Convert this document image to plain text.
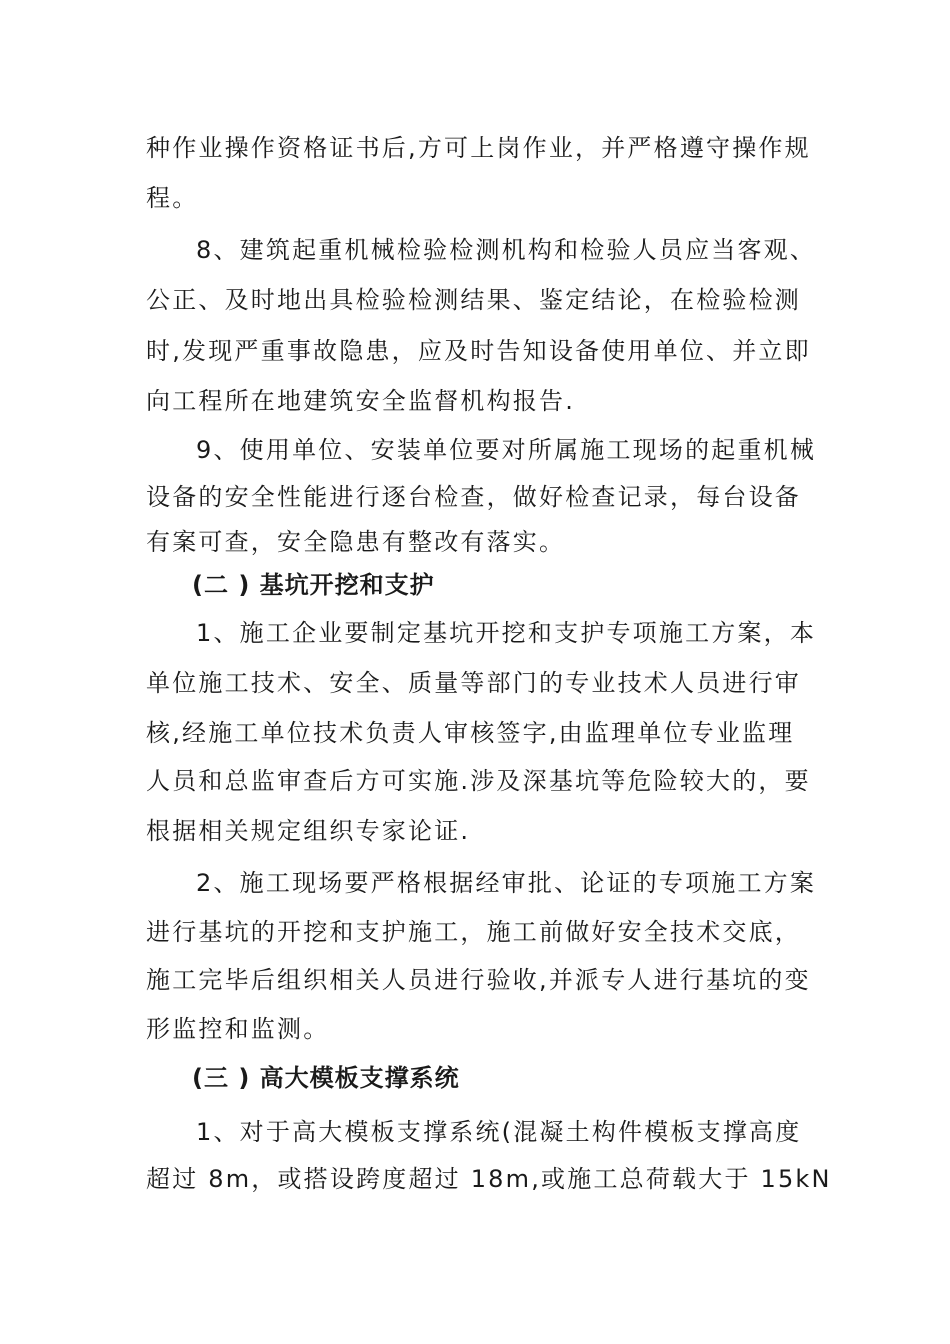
种作业操作资格证书后,方可上岗作业，并严格遵守操作规
程。
8、建筑起重机械检验检测机构和检验人员应当客观、
公正、及时地出具检验检测结果、鉴定结论，在检验检测
时,发现严重事故隐患，应及时告知设备使用单位、并立即
向工程所在地建筑安全监督机构报告.
9、使用单位、安装单位要对所属施工现场的起重机械
设备的安全性能进行逐台检查，做好检查记录，每台设备
有案可查，安全隐患有整改有落实。
(二 ) 基坑开挖和支护
1、施工企业要制定基坑开挖和支护专项施工方案，本
单位施工技术、安全、质量等部门的专业技术人员进行审
核,经施工单位技术负责人审核签字,由监理单位专业监理
人员和总监审查后方可实施.涉及深基坑等危险较大的，要
根据相关规定组织专家论证.
2、施工现场要严格根据经审批、论证的专项施工方案
进行基坑的开挖和支护施工，施工前做好安全技术交底，
施工完毕后组织相关人员进行验收,并派专人进行基坑的变
形监控和监测。
(三 ) 高大模板支撑系统
1、对于高大模板支撑系统(混凝土构件模板支撑高度
超过 8m，或搭设跨度超过 18m,或施工总荷载大于 15kN
